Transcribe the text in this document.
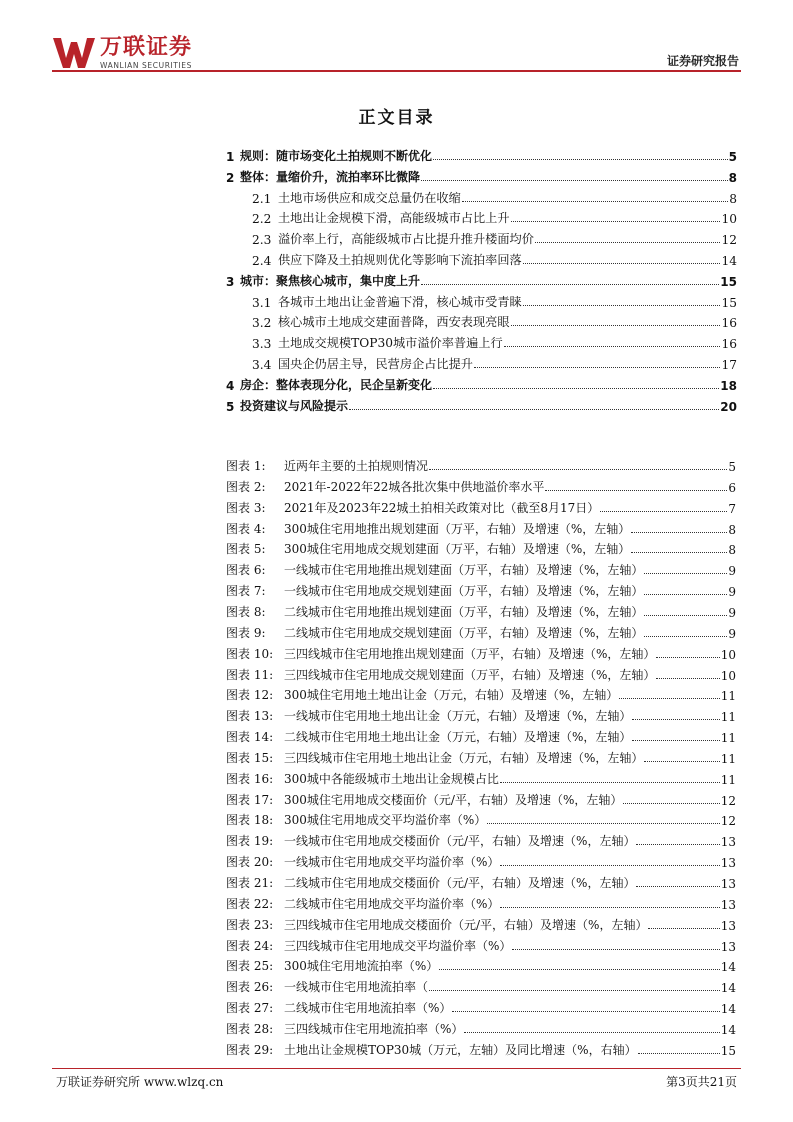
万联证券
WANLIAN SECURITIES	证券研究报告
正文目录
1 规则：随市场变化土拍规则不断优化	5
2 整体：量缩价升，流拍率环比微降	8
2.1 土地市场供应和成交总量仍在收缩	8
2.2 土地出让金规模下滑，高能级城市占比上升	10
2.3 溢价率上行，高能级城市占比提升推升楼面均价	12
2.4 供应下降及土拍规则优化等影响下流拍率回落	14
3 城市：聚焦核心城市，集中度上升	15
3.1 各城市土地出让金普遍下滑，核心城市受青睐	15
3.2 核心城市土地成交建面普降，西安表现亮眼	16
3.3 土地成交规模TOP30城市溢价率普遍上行	16
3.4 国央企仍居主导，民营房企占比提升	17
4 房企：整体表现分化，民企呈新变化	18
5 投资建议与风险提示	20
图表 1:	近两年主要的土拍规则情况	5
图表 2:	2021年-2022年22城各批次集中供地溢价率水平	6
图表 3:	2021年及2023年22城土拍相关政策对比（截至8月17日）	7
图表 4:	300城住宅用地推出规划建面（万平，右轴）及增速（%，左轴）	8
图表 5:	300城住宅用地成交规划建面（万平，右轴）及增速（%，左轴）	8
图表 6:	一线城市住宅用地推出规划建面（万平，右轴）及增速（%，左轴）	9
图表 7:	一线城市住宅用地成交规划建面（万平，右轴）及增速（%，左轴）	9
图表 8:	二线城市住宅用地推出规划建面（万平，右轴）及增速（%，左轴）	9
图表 9:	二线城市住宅用地成交规划建面（万平，右轴）及增速（%，左轴）	9
图表 10: 三四线城市住宅用地推出规划建面（万平，右轴）及增速（%，左轴）	10
图表 11: 三四线城市住宅用地成交规划建面（万平，右轴）及增速（%，左轴）	10
图表 12: 300城住宅用地土地出让金（万元，右轴）及增速（%，左轴）	11
图表 13: 一线城市住宅用地土地出让金（万元，右轴）及增速（%，左轴）	11
图表 14: 二线城市住宅用地土地出让金（万元，右轴）及增速（%，左轴）	11
图表 15: 三四线城市住宅用地土地出让金（万元，右轴）及增速（%，左轴）	11
图表 16: 300城中各能级城市土地出让金规模占比	11
图表 17: 300城住宅用地成交楼面价（元/平，右轴）及增速（%，左轴）	12
图表 18: 300城住宅用地成交平均溢价率（%）	12
图表 19: 一线城市住宅用地成交楼面价（元/平，右轴）及增速（%，左轴）	13
图表 20: 一线城市住宅用地成交平均溢价率（%）	13
图表 21: 二线城市住宅用地成交楼面价（元/平，右轴）及增速（%，左轴）	13
图表 22: 二线城市住宅用地成交平均溢价率（%）	13
图表 23: 三四线城市住宅用地成交楼面价（元/平，右轴）及增速（%，左轴）	13
图表 24: 三四线城市住宅用地成交平均溢价率（%）	13
图表 25: 300城住宅用地流拍率（%）	14
图表 26: 一线城市住宅用地流拍率（	14
图表 27: 二线城市住宅用地流拍率（%）	14
图表 28: 三四线城市住宅用地流拍率（%）	14
图表 29: 土地出让金规模TOP30城（万元，左轴）及同比增速（%，右轴）	15
万联证券研究所 www.wlzq.cn	第3页共21页
